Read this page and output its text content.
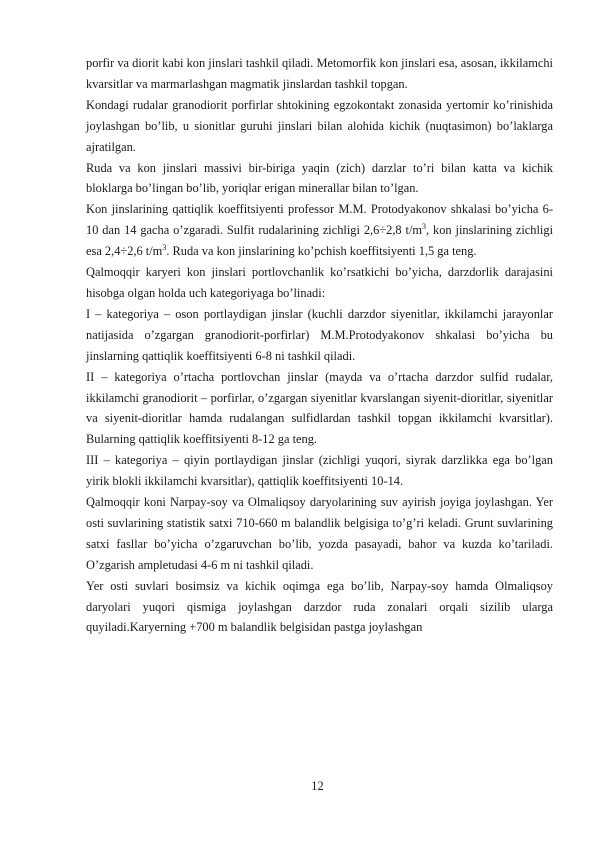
porfir va diorit kabi kon jinslari tashkil qiladi. Metomorfik kon jinslari esa, asosan, ikkilamchi kvarsitlar va marmarlashgan magmatik jinslardan tashkil topgan.

Kondagi rudalar granodiorit porfirlar shtokining egzokontakt zonasida yertomir ko’rinishida joylashgan bo’lib, u sionitlar guruhi jinslari bilan alohida kichik (nuqtasimon) bo’laklarga ajratilgan.

Ruda va kon jinslari massivi bir-biriga yaqin (zich) darzlar to’ri bilan katta va kichik bloklarga bo’lingan bo’lib, yoriqlar erigan minerallar bilan to’lgan.

Kon jinslarining qattiqlik koeffitsiyenti professor M.M. Protodyakonov shkalasi bo’yicha 6-10 dan 14 gacha o’zgaradi. Sulfit rudalarining zichligi 2,6÷2,8 $t/m^3$, kon jinslarining zichligi esa 2,4÷2,6 $t/m^3$. Ruda va kon jinslarining ko’pchish koeffitsiyenti 1,5 ga teng.

Qalmoqqir karyeri kon jinslari portlovchanlik ko’rsatkichi bo’yicha, darzdorlik darajasini hisobga olgan holda uch kategoriyaga bo’linadi:

I – kategoriya – oson portlaydigan jinslar (kuchli darzdor siyenitlar, ikkilamchi jarayonlar natijasida o’zgargan granodiorit-porfirlar) M.M.Protodyakonov shkalasi bo’yicha bu jinslarning qattiqlik koeffitsiyenti 6-8 ni tashkil qiladi.

II – kategoriya o’rtacha portlovchan jinslar (mayda va o’rtacha darzdor sulfid rudalar, ikkilamchi granodiorit – porfirlar, o’zgargan siyenitlar kvarslangan siyenit-dioritlar, siyenitlar va siyenit-dioritlar hamda rudalangan sulfidlardan tashkil topgan ikkilamchi kvarsitlar). Bularning qattiqlik koeffitsiyenti 8-12 ga teng.

III – kategoriya – qiyin portlaydigan jinslar (zichligi yuqori, siyrak darzlikka ega bo’lgan yirik blokli ikkilamchi kvarsitlar), qattiqlik koeffitsiyenti 10-14.

Qalmoqqir koni Narpay-soy va Olmaliqsoy daryolarining suv ayirish joyiga joylashgan. Yer osti suvlarining statistik satxi 710-660 m balandlik belgisiga to’g’ri keladi. Grunt suvlarining satxi fasllar bo’yicha o’zgaruvchan bo’lib, yozda pasayadi, bahor va kuzda ko’tariladi. O’zgarish ampletudasi 4-6 m ni tashkil qiladi.

Yer osti suvlari bosimsiz va kichik oqimga ega bo’lib, Narpay-soy hamda Olmaliqsoy daryolari yuqori qismiga joylashgan darzdor ruda zonalari orqali sizilib ularga quyiladi.Karyerning +700 m balandlik belgisidan pastga joylashgan

12
